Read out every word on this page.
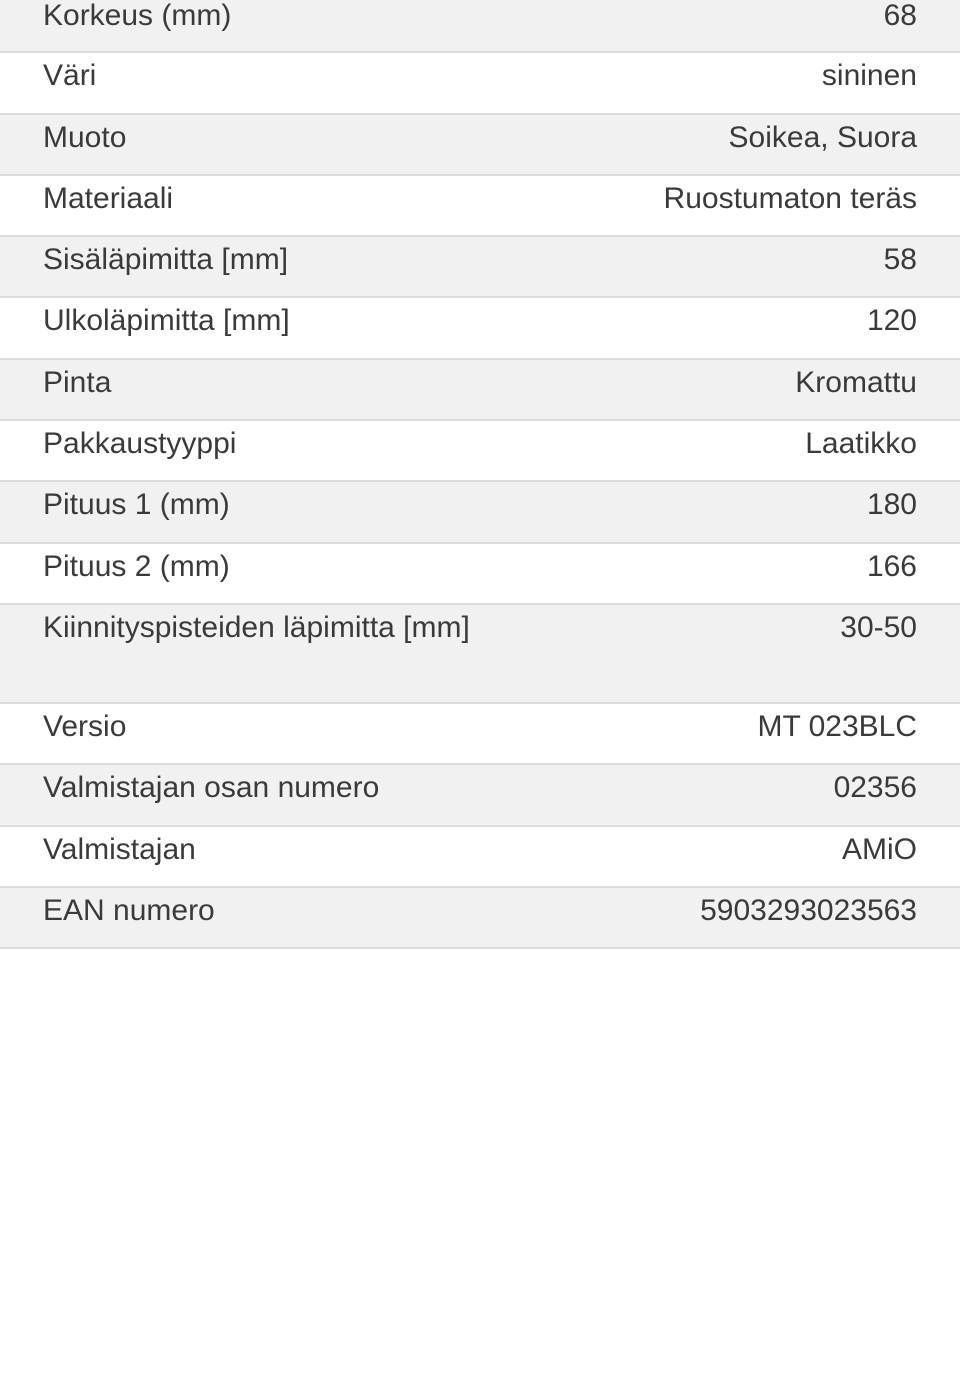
Korkeus (mm)	68
Väri	sininen
Muoto	Soikea, Suora
Materiaali	Ruostumaton teräs
Sisäläpimitta [mm]	58
Ulkoläpimitta [mm]	120
Pinta	Kromattu
Pakkaustyyppi	Laatikko
Pituus 1 (mm)	180
Pituus 2 (mm)	166
Kiinnityspisteiden läpimitta [mm]	30-50
Versio	MT 023BLC
Valmistajan osan numero	02356
Valmistajan	AMiO
EAN numero	5903293023563
